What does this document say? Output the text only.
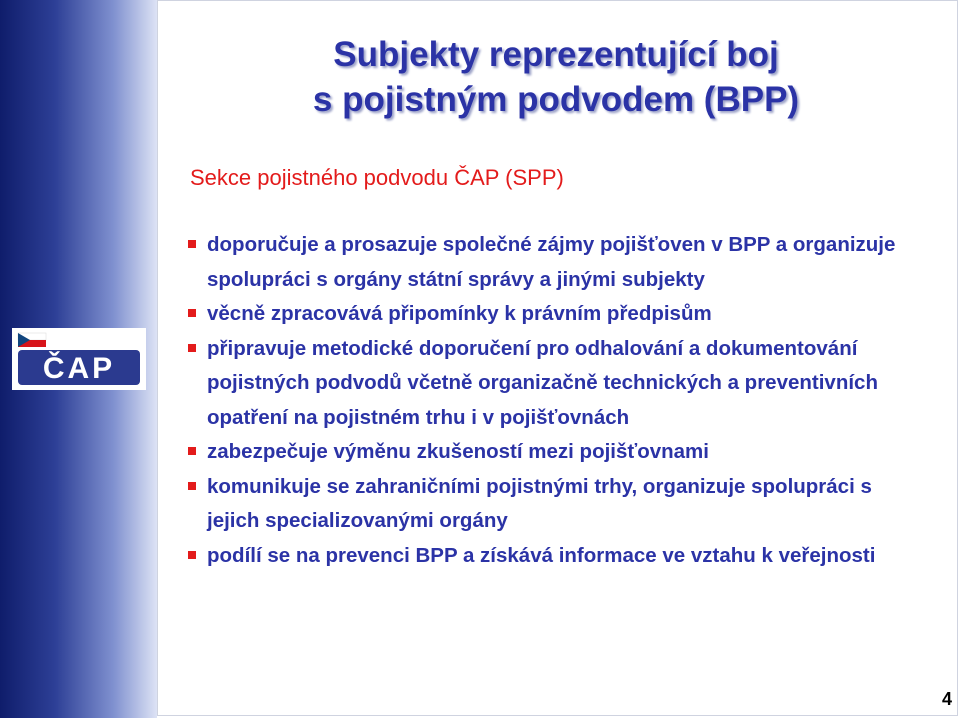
ČAP
Subjekty reprezentující boj
s pojistným podvodem (BPP)
Sekce pojistného podvodu ČAP (SPP)
doporučuje a prosazuje společné zájmy pojišťoven v BPP a organizuje spolupráci s orgány státní správy a jinými subjekty
věcně zpracovává připomínky k právním předpisům
připravuje metodické doporučení pro odhalování a dokumentování pojistných podvodů včetně organizačně technických a preventivních opatření na pojistném trhu i v pojišťovnách
zabezpečuje výměnu zkušeností mezi pojišťovnami
komunikuje se zahraničními pojistnými trhy, organizuje spolupráci s jejich specializovanými orgány
podílí se na prevenci BPP a získává informace ve vztahu k veřejnosti
4
